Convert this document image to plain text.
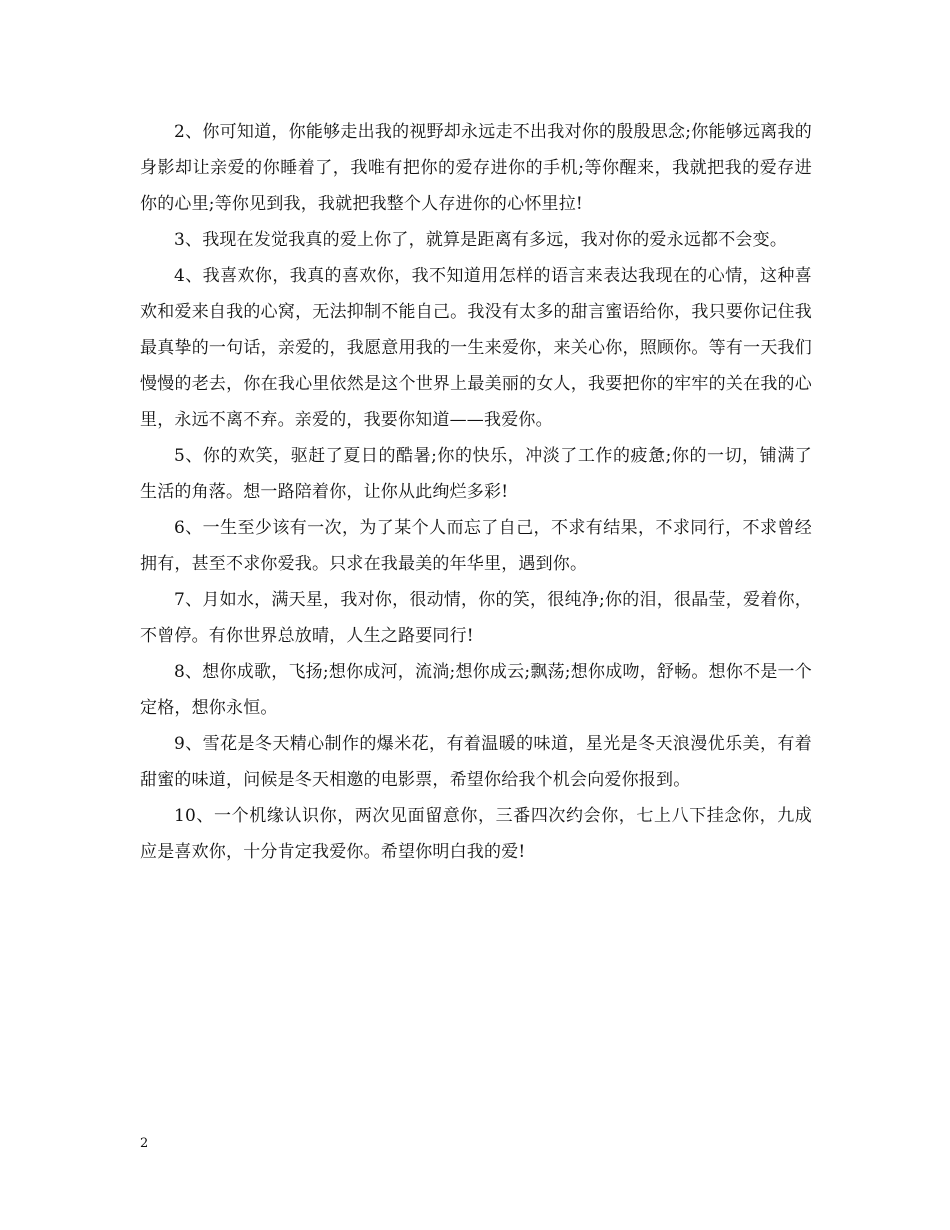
2、你可知道，你能够走出我的视野却永远走不出我对你的殷殷思念;你能够远离我的身影却让亲爱的你睡着了，我唯有把你的爱存进你的手机;等你醒来，我就把我的爱存进你的心里;等你见到我，我就把我整个人存进你的心怀里拉!

3、我现在发觉我真的爱上你了，就算是距离有多远，我对你的爱永远都不会变。

4、我喜欢你，我真的喜欢你，我不知道用怎样的语言来表达我现在的心情，这种喜欢和爱来自我的心窝，无法抑制不能自己。我没有太多的甜言蜜语给你，我只要你记住我最真挚的一句话，亲爱的，我愿意用我的一生来爱你，来关心你，照顾你。等有一天我们慢慢的老去，你在我心里依然是这个世界上最美丽的女人，我要把你的牢牢的关在我的心里，永远不离不弃。亲爱的，我要你知道——我爱你。

5、你的欢笑，驱赶了夏日的酷暑;你的快乐，冲淡了工作的疲惫;你的一切，铺满了生活的角落。想一路陪着你，让你从此绚烂多彩!

6、一生至少该有一次，为了某个人而忘了自己，不求有结果，不求同行，不求曾经拥有，甚至不求你爱我。只求在我最美的年华里，遇到你。

7、月如水，满天星，我对你，很动情，你的笑，很纯净;你的泪，很晶莹，爱着你，不曾停。有你世界总放晴，人生之路要同行!

8、想你成歌，飞扬;想你成河，流淌;想你成云;飘荡;想你成吻，舒畅。想你不是一个定格，想你永恒。

9、雪花是冬天精心制作的爆米花，有着温暖的味道，星光是冬天浪漫优乐美，有着甜蜜的味道，问候是冬天相邀的电影票，希望你给我个机会向爱你报到。

10、一个机缘认识你，两次见面留意你，三番四次约会你，七上八下挂念你，九成应是喜欢你，十分肯定我爱你。希望你明白我的爱!

2
